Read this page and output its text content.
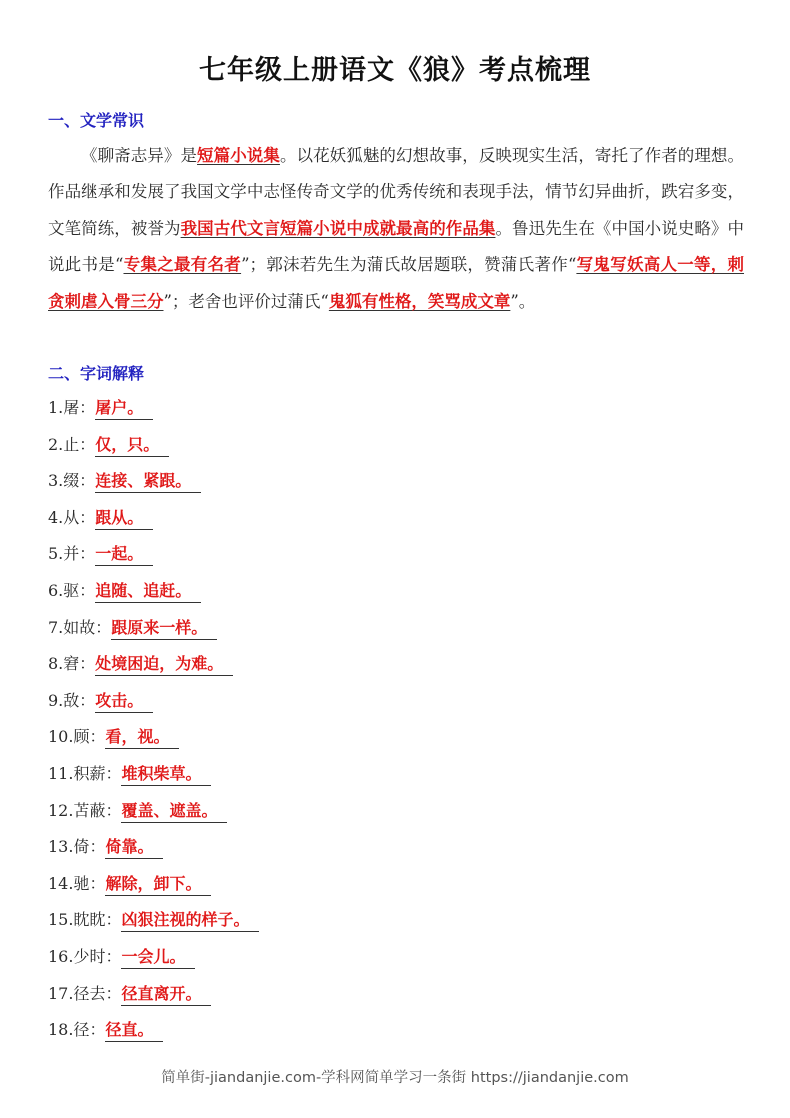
七年级上册语文《狼》考点梳理
一、文学常识
《聊斋志异》是短篇小说集。以花妖狐魅的幻想故事，反映现实生活，寄托了作者的理想。作品继承和发展了我国文学中志怪传奇文学的优秀传统和表现手法，情节幻异曲折，跌宕多变，文笔简练，被誉为我国古代文言短篇小说中成就最高的作品集。鲁迅先生在《中国小说史略》中说此书是“专集之最有名者”；郭沫若先生为蒲氏故居题联，赞蒲氏著作“写鬼写妖高人一等，刺贪刺虐入骨三分”；老舍也评价过蒲氏“鬼狐有性格，笑骂成文章”。
二、字词解释
1.屠：屠户。
2.止：仅，只。
3.缀：连接、紧跟。
4.从：跟从。
5.并：一起。
6.驱：追随、追赶。
7.如故：跟原来一样。
8.窘：处境困迫，为难。
9.敌：攻击。
10.顾：看，视。
11.积薪：堆积柴草。
12.苫蔽：覆盖、遮盖。
13.倚：倚靠。
14.驰：解除，卸下。
15.眈眈：凶狠注视的样子。
16.少时：一会儿。
17.径去：径直离开。
18.径：径直。
简单街-jiandanjie.com-学科网简单学习一条街 https://jiandanjie.com
